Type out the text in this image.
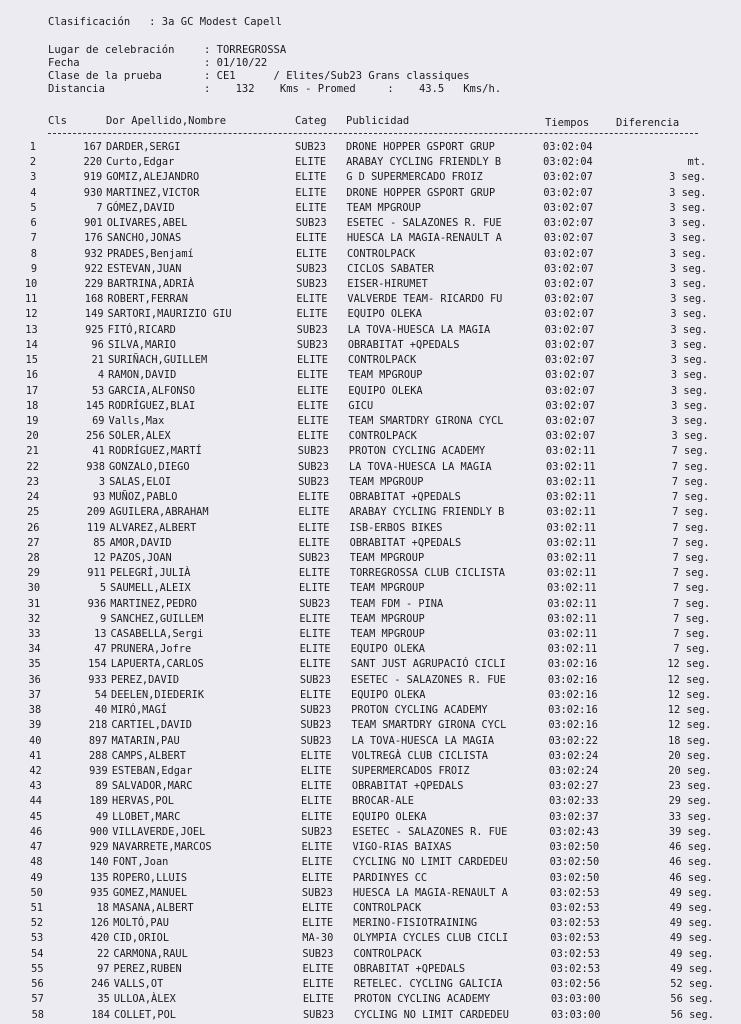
Clasificación   : 3a GC Modest Capell
Lugar de celebración	: TORREGROSSA
Fecha	: 01/10/22
Clase de la prueba	: CE1      / Elites/Sub23 Grans classiques
Distancia	:    132 Kms - Promed     :    43.5 Kms/h.
Cls	Dor Apellido,Nombre	Categ Publicidad	Tiempos	Diferencia
1	167 DARDER,SERGI	SUB23 DRONE HOPPER GSPORT GRUP	03:02:04
2	220 Curto,Edgar	ELITE ARABAY CYCLING FRIENDLY B	03:02:04	mt.
3	919 GOMIZ,ALEJANDRO	ELITE G D SUPERMERCADO FROIZ	03:02:07	3 seg.
4	930 MARTINEZ,VICTOR	ELITE DRONE HOPPER GSPORT GRUP	03:02:07	3 seg.
5	7 GÓMEZ,DAVID	ELITE TEAM MPGROUP	03:02:07	3 seg.
6	901 OLIVARES,ABEL	SUB23 ESETEC - SALAZONES R. FUE	03:02:07	3 seg.
7	176 SANCHO,JONAS	ELITE HUESCA LA MAGIA-RENAULT A	03:02:07	3 seg.
8	932 PRADES,Benjamí	ELITE CONTROLPACK	03:02:07	3 seg.
9	922 ESTEVAN,JUAN	SUB23 CICLOS SABATER	03:02:07	3 seg.
10	229 BARTRINA,ADRIÀ	SUB23 EISER-HIRUMET	03:02:07	3 seg.
11	168 ROBERT,FERRAN	ELITE VALVERDE TEAM- RICARDO FU	03:02:07	3 seg.
12	149 SARTORI,MAURIZIO GIU	ELITE EQUIPO OLEKA	03:02:07	3 seg.
13	925 FITÓ,RICARD	SUB23 LA TOVA-HUESCA LA MAGIA	03:02:07	3 seg.
14	96 SILVA,MARIO	SUB23 OBRABITAT +QPEDALS	03:02:07	3 seg.
15	21 SURIÑACH,GUILLEM	ELITE CONTROLPACK	03:02:07	3 seg.
16	4 RAMON,DAVID	ELITE TEAM MPGROUP	03:02:07	3 seg.
17	53 GARCIA,ALFONSO	ELITE EQUIPO OLEKA	03:02:07	3 seg.
18	145 RODRÍGUEZ,BLAI	ELITE GICU	03:02:07	3 seg.
19	69 Valls,Max	ELITE TEAM SMARTDRY GIRONA CYCL	03:02:07	3 seg.
20	256 SOLER,ALEX	ELITE CONTROLPACK	03:02:07	3 seg.
21	41 RODRÍGUEZ,MARTÍ	SUB23 PROTON CYCLING ACADEMY	03:02:11	7 seg.
22	938 GONZALO,DIEGO	SUB23 LA TOVA-HUESCA LA MAGIA	03:02:11	7 seg.
23	3 SALAS,ELOI	SUB23 TEAM MPGROUP	03:02:11	7 seg.
24	93 MUÑOZ,PABLO	ELITE OBRABITAT +QPEDALS	03:02:11	7 seg.
25	209 AGUILERA,ABRAHAM	ELITE ARABAY CYCLING FRIENDLY B	03:02:11	7 seg.
26	119 ALVAREZ,ALBERT	ELITE ISB-ERBOS BIKES	03:02:11	7 seg.
27	85 AMOR,DAVID	ELITE OBRABITAT +QPEDALS	03:02:11	7 seg.
28	12 PAZOS,JOAN	SUB23 TEAM MPGROUP	03:02:11	7 seg.
29	911 PELEGRÍ,JULIÀ	ELITE TORREGROSSA CLUB CICLISTA	03:02:11	7 seg.
30	5 SAUMELL,ALEIX	ELITE TEAM MPGROUP	03:02:11	7 seg.
31	936 MARTINEZ,PEDRO	SUB23 TEAM FDM - PINA	03:02:11	7 seg.
32	9 SANCHEZ,GUILLEM	ELITE TEAM MPGROUP	03:02:11	7 seg.
33	13 CASABELLA,Sergi	ELITE TEAM MPGROUP	03:02:11	7 seg.
34	47 PRUNERA,Jofre	ELITE EQUIPO OLEKA	03:02:11	7 seg.
35	154 LAPUERTA,CARLOS	ELITE SANT JUST AGRUPACIÓ CICLI	03:02:16	12 seg.
36	933 PEREZ,DAVID	SUB23 ESETEC - SALAZONES R. FUE	03:02:16	12 seg.
37	54 DEELEN,DIEDERIK	ELITE EQUIPO OLEKA	03:02:16	12 seg.
38	40 MIRÓ,MAGÍ	SUB23 PROTON CYCLING ACADEMY	03:02:16	12 seg.
39	218 CARTIEL,DAVID	SUB23 TEAM SMARTDRY GIRONA CYCL	03:02:16	12 seg.
40	897 MATARIN,PAU	SUB23 LA TOVA-HUESCA LA MAGIA	03:02:22	18 seg.
41	288 CAMPS,ALBERT	ELITE VOLTREGÀ CLUB CICLISTA	03:02:24	20 seg.
42	939 ESTEBAN,Edgar	ELITE SUPERMERCADOS FROIZ	03:02:24	20 seg.
43	89 SALVADOR,MARC	ELITE OBRABITAT +QPEDALS	03:02:27	23 seg.
44	189 HERVAS,POL	ELITE BROCAR-ALE	03:02:33	29 seg.
45	49 LLOBET,MARC	ELITE EQUIPO OLEKA	03:02:37	33 seg.
46	900 VILLAVERDE,JOEL	SUB23 ESETEC - SALAZONES R. FUE	03:02:43	39 seg.
47	929 NAVARRETE,MARCOS	ELITE VIGO-RIAS BAIXAS	03:02:50	46 seg.
48	140 FONT,Joan	ELITE CYCLING NO LIMIT CARDEDEU	03:02:50	46 seg.
49	135 ROPERO,LLUIS	ELITE PARDINYES CC	03:02:50	46 seg.
50	935 GOMEZ,MANUEL	SUB23 HUESCA LA MAGIA-RENAULT A	03:02:53	49 seg.
51	18 MASANA,ALBERT	ELITE CONTROLPACK	03:02:53	49 seg.
52	126 MOLTÓ,PAU	ELITE MERINO-FISIOTRAINING	03:02:53	49 seg.
53	420 CID,ORIOL	MA-30 OLYMPIA CYCLES CLUB CICLI	03:02:53	49 seg.
54	22 CARMONA,RAUL	SUB23 CONTROLPACK	03:02:53	49 seg.
55	97 PEREZ,RUBEN	ELITE OBRABITAT +QPEDALS	03:02:53	49 seg.
56	246 VALLS,OT	ELITE RETELEC. CYCLING GALICIA	03:02:56	52 seg.
57	35 ULLOA,ÀLEX	ELITE PROTON CYCLING ACADEMY	03:03:00	56 seg.
58	184 COLLET,POL	SUB23 CYCLING NO LIMIT CARDEDEU	03:03:00	56 seg.
